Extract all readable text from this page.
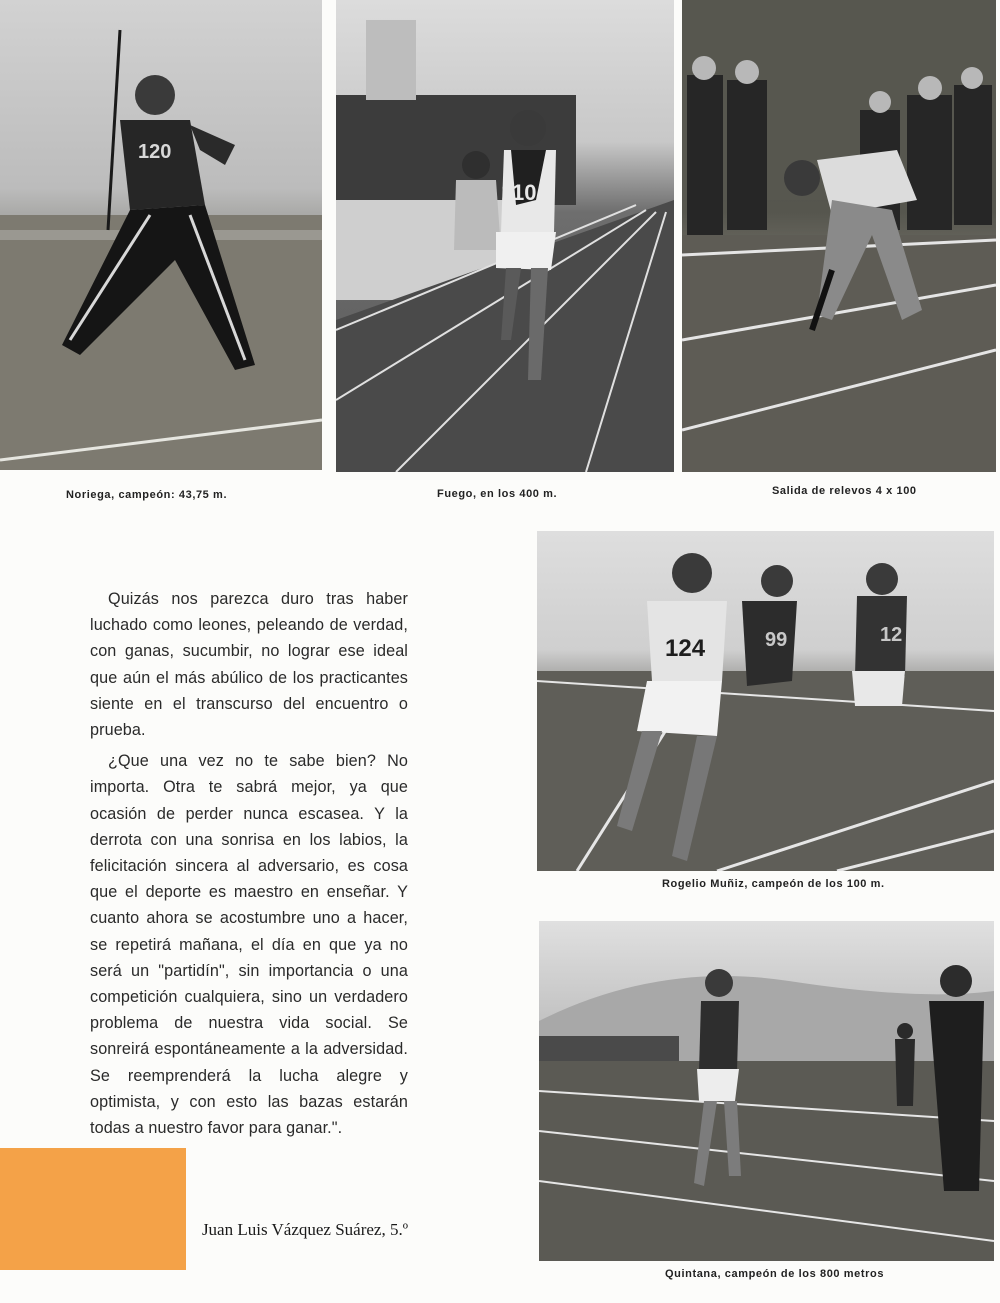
120
Noriega, campeón: 43,75 m.
110
Fuego, en los 400 m.	Salida de relevos 4 x 100
124	99	12
Rogelio Muñiz, campeón de los 100 m.
Quintana, campeón de los 800 metros

Quizás nos parezca duro tras haber luchado como leones, peleando de verdad, con ganas, sucumbir, no lograr ese ideal que aún el más abúlico de los practicantes siente en el transcurso del encuentro o prueba.

¿Que una vez no te sabe bien? No importa. Otra te sabrá mejor, ya que ocasión de perder nunca escasea. Y la derrota con una sonrisa en los labios, la felicitación sincera al adversario, es cosa que el deporte es maestro en enseñar. Y cuanto ahora se acostumbre uno a hacer, se repetirá mañana, el día en que ya no será un "partidín", sin importancia o una competición cualquiera, sino un verdadero problema de nuestra vida social. Se sonreirá espontáneamente a la adversidad. Se reemprenderá la lucha alegre y optimista, y con esto las bazas estarán todas a nuestro favor para ganar.".

Juan Luis Vázquez Suárez, 5.º
